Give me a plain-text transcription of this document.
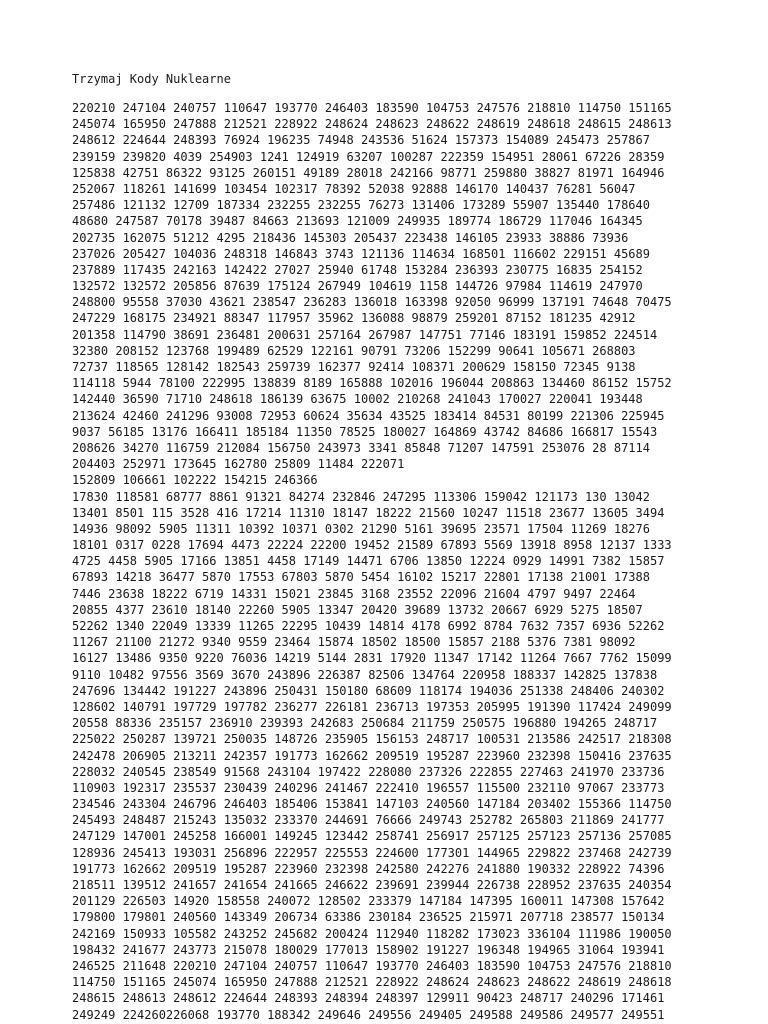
Trzymaj Kody Nuklearne
220210 247104 240757 110647 193770 246403 183590 104753 247576 218810 114750 151165
245074 165950 247888 212521 228922 248624 248623 248622 248619 248618 248615 248613
248612 224644 248393 76924 196235 74948 243536 51624 157373 154089 245473 257867
239159 239820 4039 254903 1241 124919 63207 100287 222359 154951 28061 67226 28359
125838 42751 86322 93125 260151 49189 28018 242166 98771 259880 38827 81971 164946
252067 118261 141699 103454 102317 78392 52038 92888 146170 140437 76281 56047
257486 121132 12709 187334 232255 232255 76273 131406 173289 55907 135440 178640
48680 247587 70178 39487 84663 213693 121009 249935 189774 186729 117046 164345
202735 162075 51212 4295 218436 145303 205437 223438 146105 23933 38886 73936
237026 205427 104036 248318 146843 3743 121136 114634 168501 116602 229151 45689
237889 117435 242163 142422 27027 25940 61748 153284 236393 230775 16835 254152
132572 132572 205856 87639 175124 267949 104619 1158 144726 97984 114619 247970
248800 95558 37030 43621 238547 236283 136018 163398 92050 96999 137191 74648 70475
247229 168175 234921 88347 117957 35962 136088 98879 259201 87152 181235 42912
201358 114790 38691 236481 200631 257164 267987 147751 77146 183191 159852 224514
32380 208152 123768 199489 62529 122161 90791 73206 152299 90641 105671 268803
72737 118565 128142 182543 259739 162377 92414 108371 200629 158150 72345 9138
114118 5944 78100 222995 138839 8189 165888 102016 196044 208863 134460 86152 15752
142440 36590 71710 248618 186139 63675 10002 210268 241043 170027 220041 193448
213624 42460 241296 93008 72953 60624 35634 43525 183414 84531 80199 221306 225945
9037 56185 13176 166411 185184 11350 78525 180027 164869 43742 84686 166817 15543
208626 34270 116759 212084 156750 243973 3341 85848 71207 147591 253076 28 87114
204403 252971 173645 162780 25809 11484 222071
152809 106661 102222 154215 246366
17830 118581 68777 8861 91321 84274 232846 247295 113306 159042 121173 130 13042
13401 8501 115 3528 416 17214 11310 18147 18222 21560 10247 11518 23677 13605 3494
14936 98092 5905 11311 10392 10371 0302 21290 5161 39695 23571 17504 11269 18276
18101 0317 0228 17694 4473 22224 22200 19452 21589 67893 5569 13918 8958 12137 1333
4725 4458 5905 17166 13851 4458 17149 14471 6706 13850 12224 0929 14991 7382 15857
67893 14218 36477 5870 17553 67803 5870 5454 16102 15217 22801 17138 21001 17388
7446 23638 18222 6719 14331 15021 23845 3168 23552 22096 21604 4797 9497 22464
20855 4377 23610 18140 22260 5905 13347 20420 39689 13732 20667 6929 5275 18507
52262 1340 22049 13339 11265 22295 10439 14814 4178 6992 8784 7632 7357 6936 52262
11267 21100 21272 9340 9559 23464 15874 18502 18500 15857 2188 5376 7381 98092
16127 13486 9350 9220 76036 14219 5144 2831 17920 11347 17142 11264 7667 7762 15099
9110 10482 97556 3569 3670 243896 226387 82506 134764 220958 188337 142825 137838
247696 134442 191227 243896 250431 150180 68609 118174 194036 251338 248406 240302
128602 140791 197729 197782 236277 226181 236713 197353 205995 191390 117424 249099
20558 88336 235157 236910 239393 242683 250684 211759 250575 196880 194265 248717
225022 250287 139721 250035 148726 235905 156153 248717 100531 213586 242517 218308
242478 206905 213211 242357 191773 162662 209519 195287 223960 232398 150416 237635
228032 240545 238549 91568 243104 197422 228080 237326 222855 227463 241970 233736
110903 192317 235537 230439 240296 241467 222410 196557 115500 232110 97067 233773
234546 243304 246796 246403 185406 153841 147103 240560 147184 203402 155366 114750
245493 248487 215243 135032 233370 244691 76666 249743 252782 265803 211869 241777
247129 147001 245258 166001 149245 123442 258741 256917 257125 257123 257136 257085
128936 245413 193031 256896 222957 225553 224600 177301 144965 229822 237468 242739
191773 162662 209519 195287 223960 232398 242580 242276 241880 190332 228922 74396
218511 139512 241657 241654 241665 246622 239691 239944 226738 228952 237635 240354
201129 226503 14920 158558 240072 128502 233379 147184 147395 160011 147308 157642
179800 179801 240560 143349 206734 63386 230184 236525 215971 207718 238577 150134
242169 150933 105582 243252 245682 200424 112940 118282 173023 336104 111986 190050
198432 241677 243773 215078 180029 177013 158902 191227 196348 194965 31064 193941
246525 211648 220210 247104 240757 110647 193770 246403 183590 104753 247576 218810
114750 151165 245074 165950 247888 212521 228922 248624 248623 248622 248619 248618
248615 248613 248612 224644 248393 248394 248397 129911 90423 248717 240296 171461
249249 224260226068 193770 188342 249646 249556 249405 249588 249586 249577 249551
